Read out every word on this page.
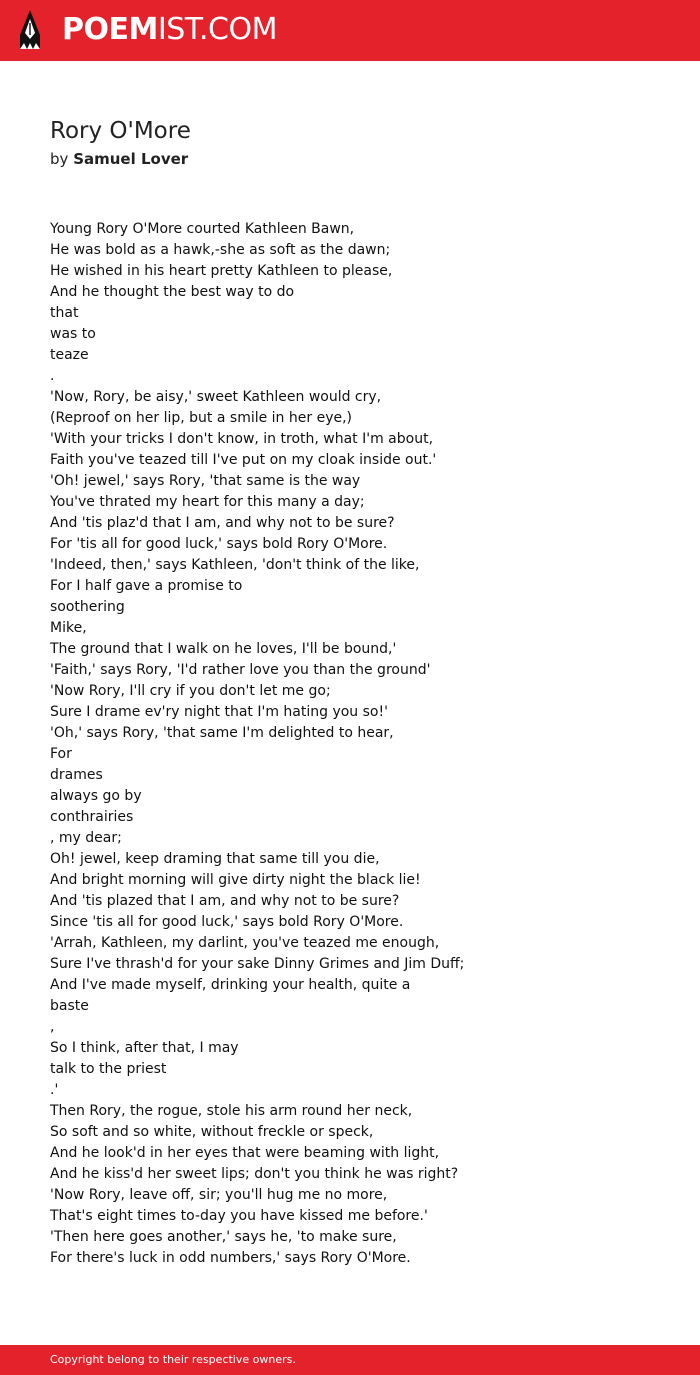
POEMIST.COM
Rory O'More
by Samuel Lover
Young Rory O'More courted Kathleen Bawn,
He was bold as a hawk,-she as soft as the dawn;
He wished in his heart pretty Kathleen to please,
And he thought the best way to do
that
was to
teaze
.
'Now, Rory, be aisy,' sweet Kathleen would cry,
(Reproof on her lip, but a smile in her eye,)
'With your tricks I don't know, in troth, what I'm about,
Faith you've teazed till I've put on my cloak inside out.'
'Oh! jewel,' says Rory, 'that same is the way
You've thrated my heart for this many a day;
And 'tis plaz'd that I am, and why not to be sure?
For 'tis all for good luck,' says bold Rory O'More.
'Indeed, then,' says Kathleen, 'don't think of the like,
For I half gave a promise to
soothering
Mike,
The ground that I walk on he loves, I'll be bound,'
'Faith,' says Rory, 'I'd rather love you than the ground'
'Now Rory, I'll cry if you don't let me go;
Sure I drame ev'ry night that I'm hating you so!'
'Oh,' says Rory, 'that same I'm delighted to hear,
For
drames
always go by
conthrairies
, my dear;
Oh! jewel, keep draming that same till you die,
And bright morning will give dirty night the black lie!
And 'tis plazed that I am, and why not to be sure?
Since 'tis all for good luck,' says bold Rory O'More.
'Arrah, Kathleen, my darlint, you've teazed me enough,
Sure I've thrash'd for your sake Dinny Grimes and Jim Duff;
And I've made myself, drinking your health, quite a
baste
,
So I think, after that, I may
talk to the priest
.'
Then Rory, the rogue, stole his arm round her neck,
So soft and so white, without freckle or speck,
And he look'd in her eyes that were beaming with light,
And he kiss'd her sweet lips; don't you think he was right?
'Now Rory, leave off, sir; you'll hug me no more,
That's eight times to-day you have kissed me before.'
'Then here goes another,' says he, 'to make sure,
For there's luck in odd numbers,' says Rory O'More.
Copyright belong to their respective owners.
